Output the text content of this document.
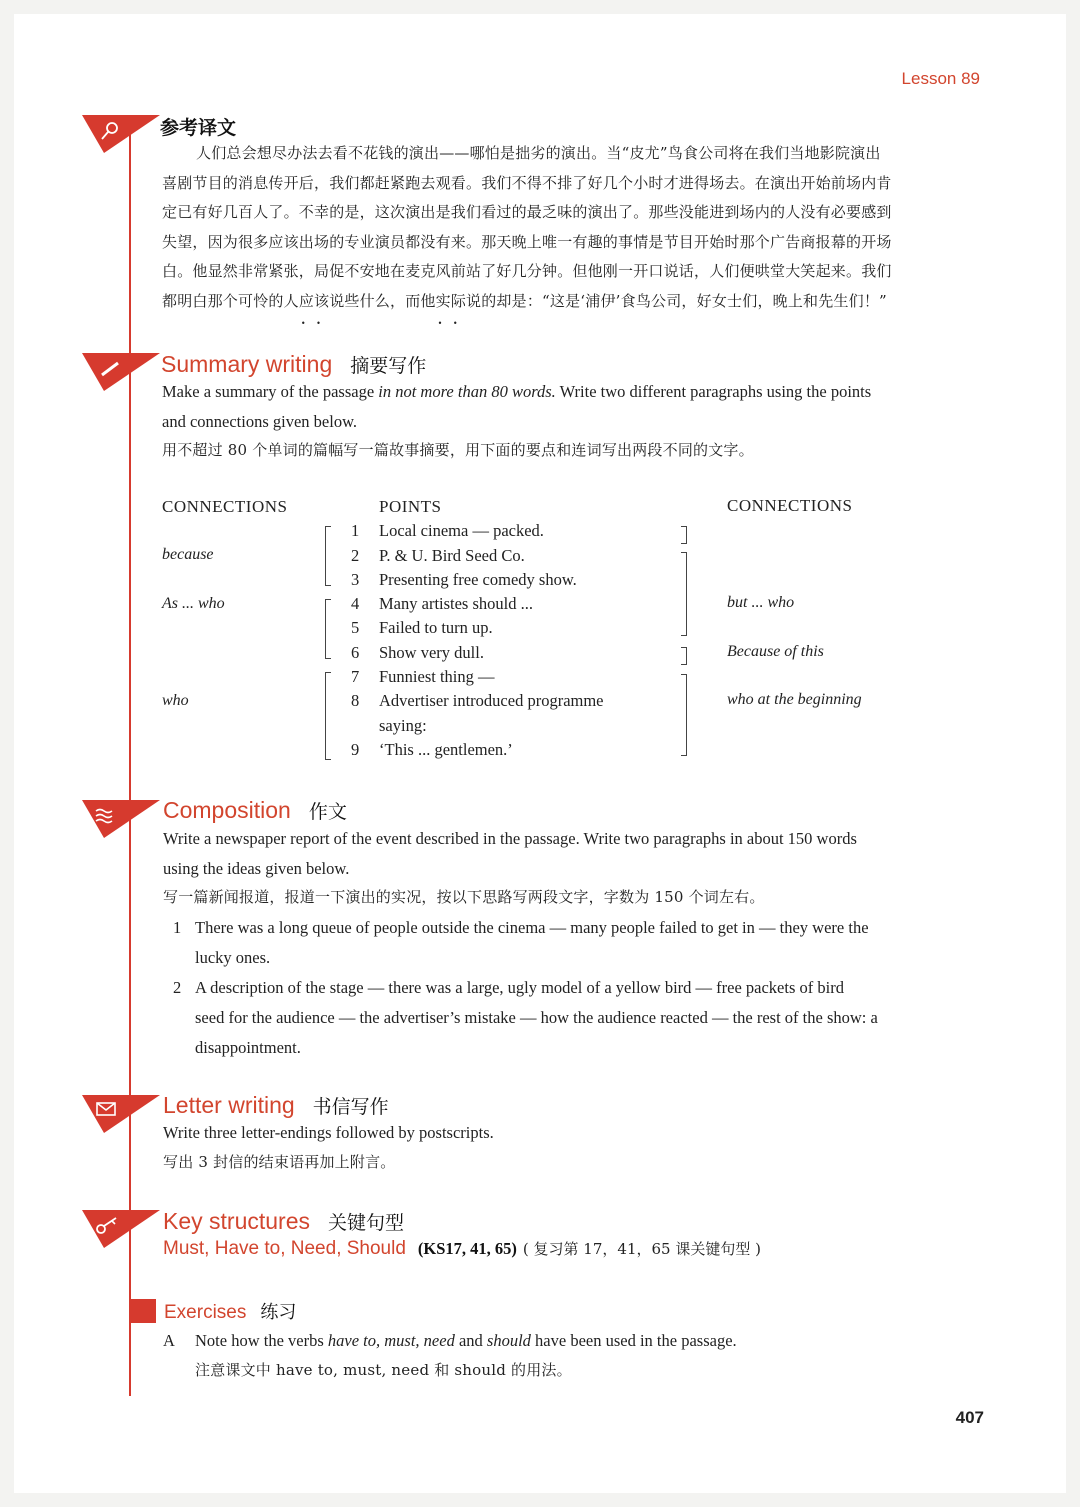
Lesson 89
参考译文
人们总会想尽办法去看不花钱的演出——哪怕是拙劣的演出。当“皮尤”鸟食公司将在我们当地影院演出
喜剧节目的消息传开后，我们都赶紧跑去观看。我们不得不排了好几个小时才进得场去。在演出开始前场内肯
定已有好几百人了。不幸的是，这次演出是我们看过的最乏味的演出了。那些没能进到场内的人没有必要感到
失望，因为很多应该出场的专业演员都没有来。那天晚上唯一有趣的事情是节目开始时那个广告商报幕的开场
白。他显然非常紧张，局促不安地在麦克风前站了好几分钟。但他刚一开口说话，人们便哄堂大笑起来。我们
都明白那个可怜的人应该 • •说些什么，而他实际 • •说的却是：“这是‘浦伊’食鸟公司，好女士们，晚上和先生们！”
Summary writing 摘要写作
Make a summary of the passage in not more than 80 words. Write two different paragraphs using the points
and connections given below.
用不超过 80 个单词的篇幅写一篇故事摘要，用下面的要点和连词写出两段不同的文字。
CONNECTIONS	POINTS	CONNECTIONS
because
As ... who
who
but ... who
Because of this
who at the beginning
1 Local cinema — packed.
2 P. & U. Bird Seed Co.
3 Presenting free comedy show.
4 Many artistes should ...
5 Failed to turn up.
6 Show very dull.
7 Funniest thing —
8 Advertiser introduced programme
saying:
9 ‘This ... gentlemen.’
Composition 作文
Write a newspaper report of the event described in the passage. Write two paragraphs in about 150 words
using the ideas given below.
写一篇新闻报道，报道一下演出的实况，按以下思路写两段文字，字数为 150 个词左右。
1 There was a long queue of people outside the cinema — many people failed to get in — they were the
lucky ones.
2 A description of the stage — there was a large, ugly model of a yellow bird — free packets of bird
seed for the audience — the advertiser’s mistake — how the audience reacted — the rest of the show: a
disappointment.
Letter writing 书信写作
Write three letter-endings followed by postscripts.
写出 3 封信的结束语再加上附言。
Key structures 关键句型
Must, Have to, Need, Should (KS17, 41, 65) ( 复习第 17，41，65 课关键句型 )
Exercises 练习
A Note how the verbs have to, must, need and should have been used in the passage.
注意课文中 have to, must, need 和 should 的用法。
407
